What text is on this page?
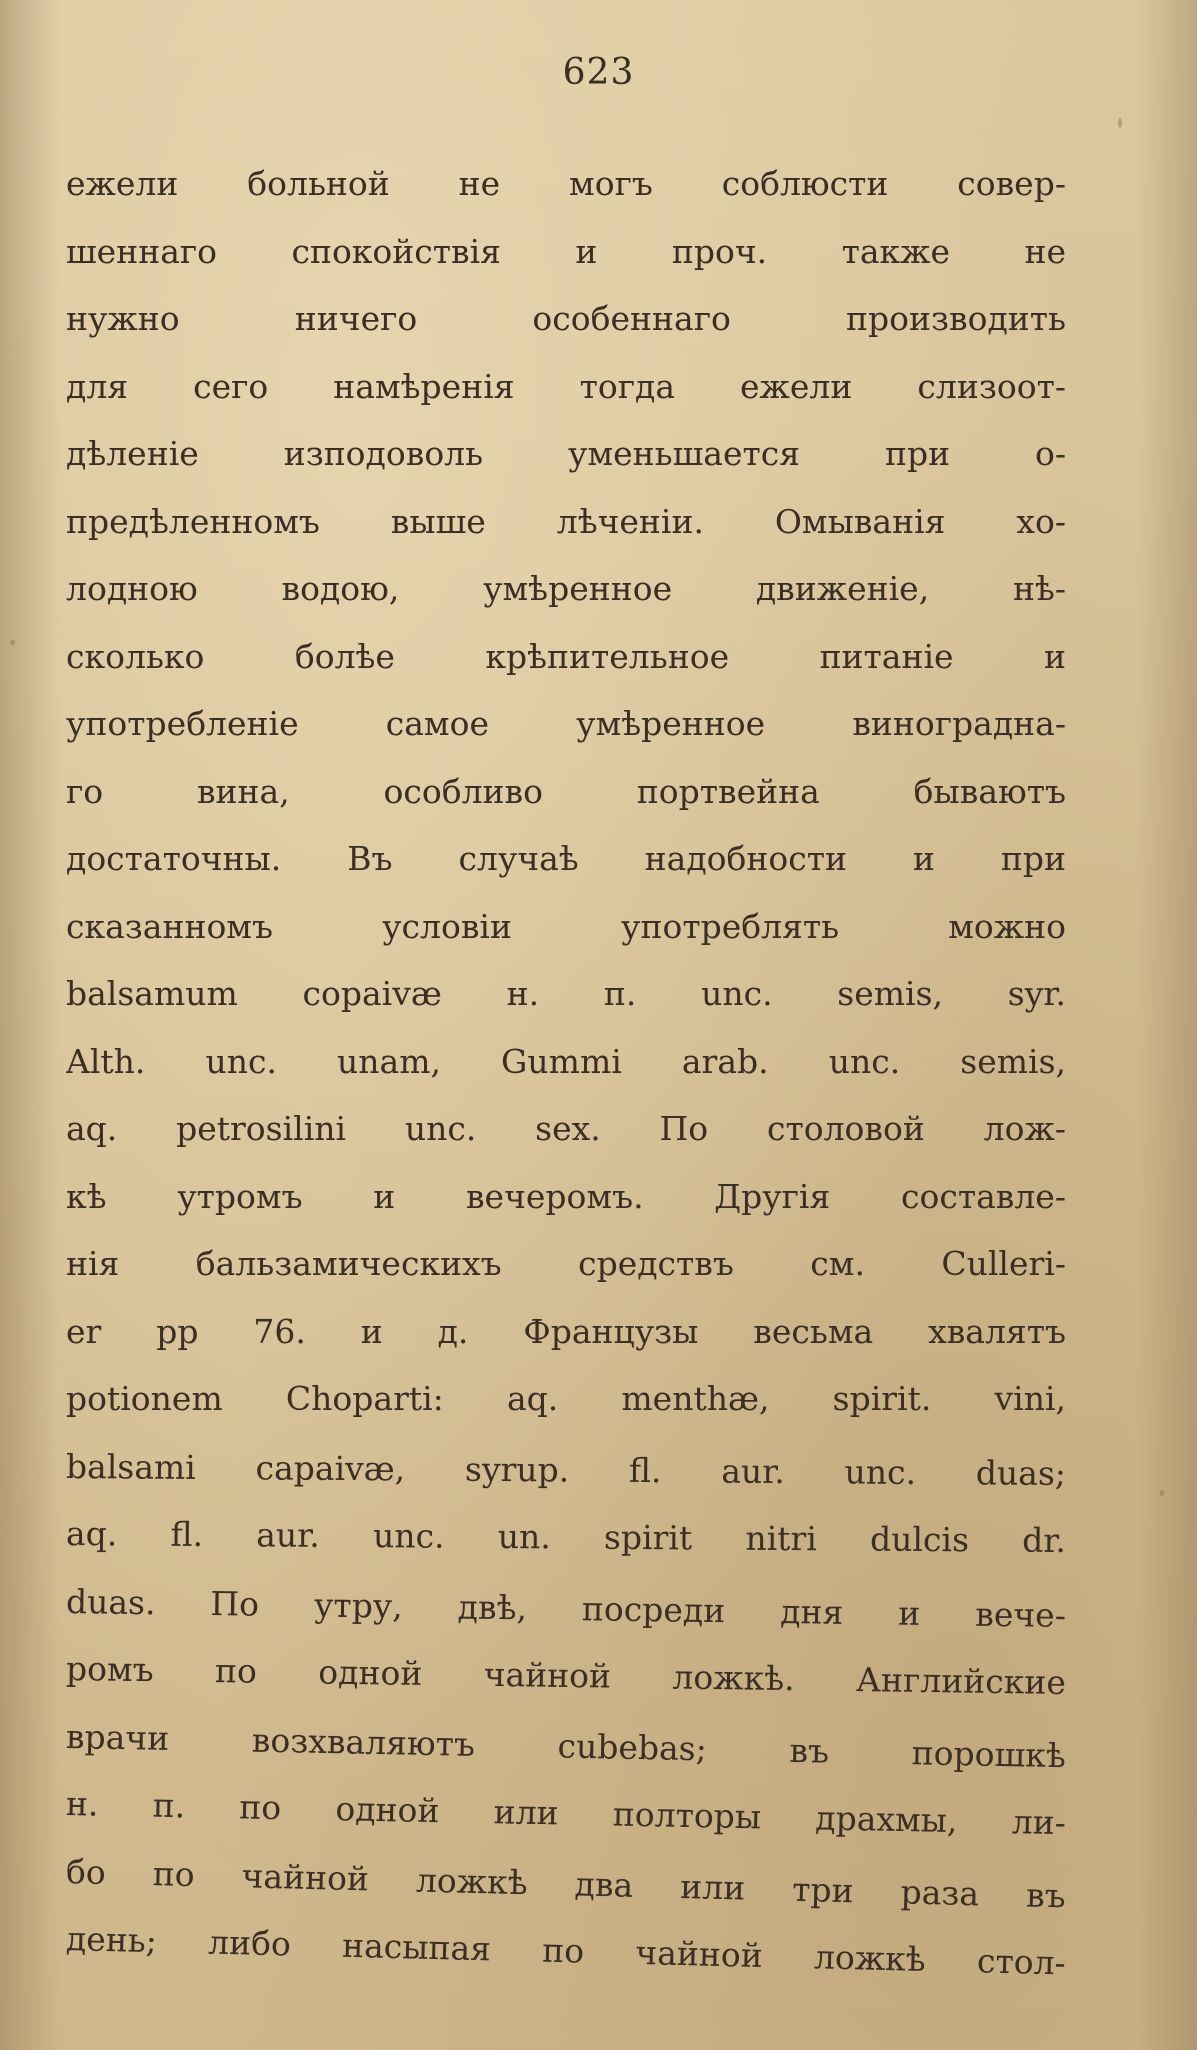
623
ежели больной не могъ соблюсти совер-
шеннаго спокойствія и проч. также не
нужно ничего особеннаго производить
для сего намѣренія тогда ежели слизоот-
дѣленіе изподоволь уменьшается при о-
предѣленномъ выше лѣченіи. Омыванія хо-
лодною водою, умѣренное движеніе, нѣ-
сколько болѣе крѣпительное питаніе и
употребленіе самое умѣренное виноградна-
го вина, особливо портвейна бываютъ
достаточны. Въ случаѣ надобности и при
сказанномъ условіи употреблять можно
balsamum copaivæ н. п. unc. semis, syr.
Alth. unc. unam, Gummi arab. unc. semis,
aq. petrosilini unc. sex. По столовой лож-
кѣ утромъ и вечеромъ. Другія составле-
нія бальзамическихъ средствъ см. Culleri-
er pp 76. и д. Французы весьма хвалятъ
potionem Choparti: aq. menthæ, spirit. vini,
balsami capaivæ, syrup. fl. aur. unc. duas;
aq. fl. aur. unc. un. spirit nitri dulcis dr.
duas. По утру, двѣ, посреди дня и вече-
ромъ по одной чайной ложкѣ. Английские
врачи возхваляютъ cubebas; въ порошкѣ
н. п. по одной или полторы драхмы, ли-
бо по чайной ложкѣ два или три раза въ
день; либо насыпая по чайной ложкѣ стол-
